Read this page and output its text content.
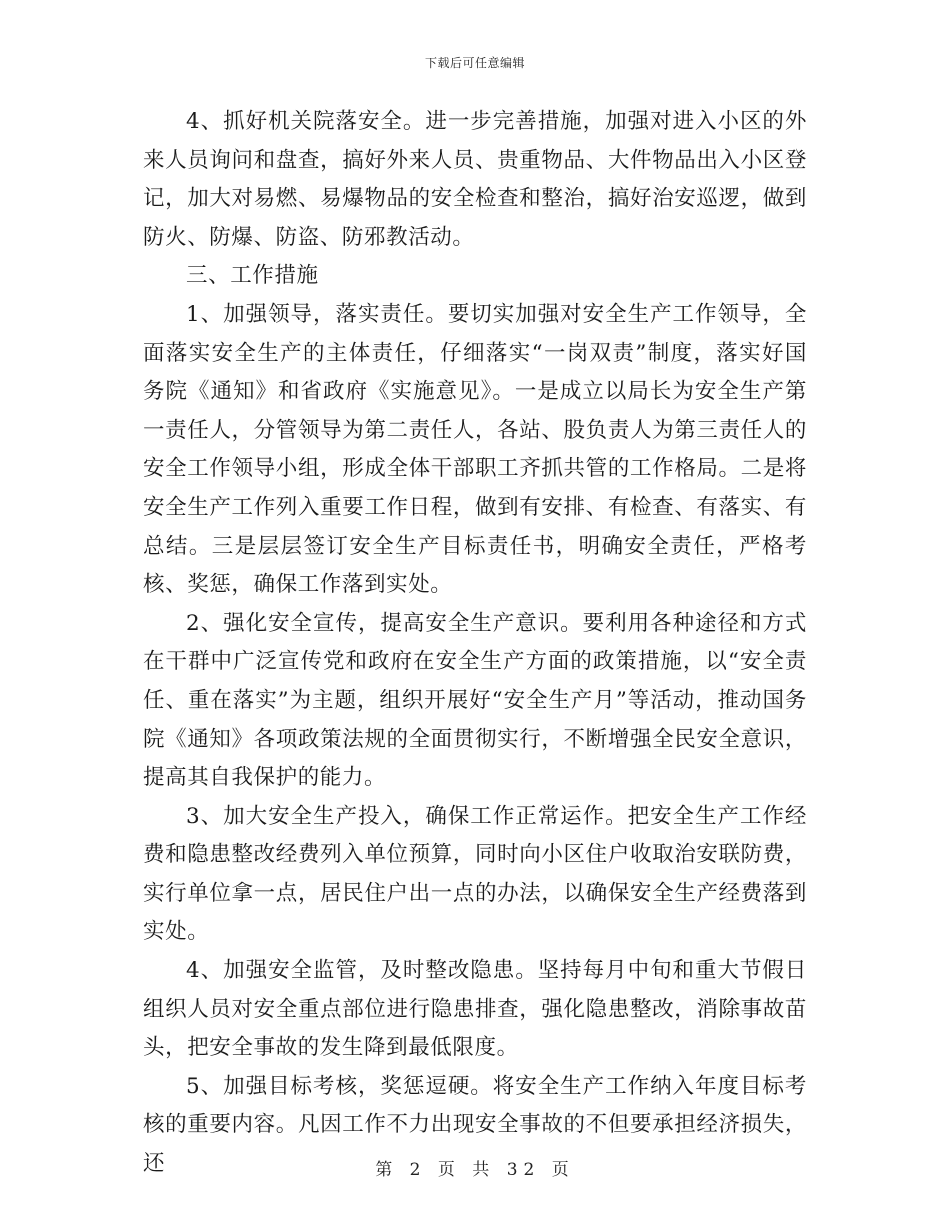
下载后可任意编辑

4、抓好机关院落安全。进一步完善措施，加强对进入小区的外来人员询问和盘查，搞好外来人员、贵重物品、大件物品出入小区登记，加大对易燃、易爆物品的安全检查和整治，搞好治安巡逻，做到防火、防爆、防盗、防邪教活动。

三、工作措施

1、加强领导，落实责任。要切实加强对安全生产工作领导，全面落实安全生产的主体责任，仔细落实“一岗双责”制度，落实好国务院《通知》和省政府《实施意见》。一是成立以局长为安全生产第一责任人，分管领导为第二责任人，各站、股负责人为第三责任人的安全工作领导小组，形成全体干部职工齐抓共管的工作格局。二是将安全生产工作列入重要工作日程，做到有安排、有检查、有落实、有总结。三是层层签订安全生产目标责任书，明确安全责任，严格考核、奖惩，确保工作落到实处。

2、强化安全宣传，提高安全生产意识。要利用各种途径和方式在干群中广泛宣传党和政府在安全生产方面的政策措施，以“安全责任、重在落实”为主题，组织开展好“安全生产月”等活动，推动国务院《通知》各项政策法规的全面贯彻实行，不断增强全民安全意识，提高其自我保护的能力。

3、加大安全生产投入，确保工作正常运作。把安全生产工作经费和隐患整改经费列入单位预算，同时向小区住户收取治安联防费，实行单位拿一点，居民住户出一点的办法，以确保安全生产经费落到实处。

4、加强安全监管，及时整改隐患。坚持每月中旬和重大节假日组织人员对安全重点部位进行隐患排查，强化隐患整改，消除事故苗头，把安全事故的发生降到最低限度。

5、加强目标考核，奖惩逗硬。将安全生产工作纳入年度目标考核的重要内容。凡因工作不力出现安全事故的不但要承担经济损失，还	第 2 页 共 32 页
